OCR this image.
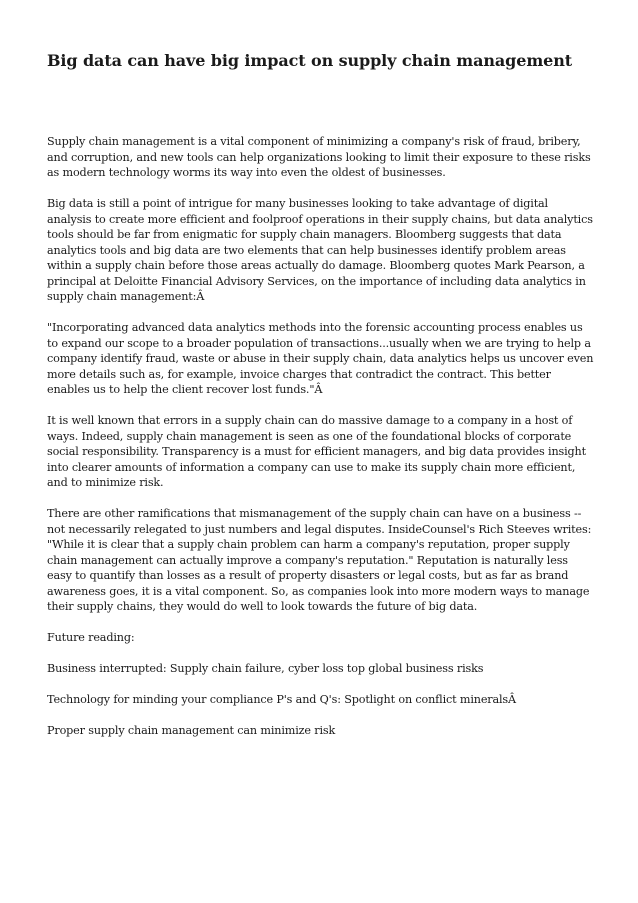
Big data can have big impact on supply chain management

Supply chain management is a vital component of minimizing a company's risk of fraud, bribery, and corruption, and new tools can help organizations looking to limit their exposure to these risks as modern technology worms its way into even the oldest of businesses.

Big data is still a point of intrigue for many businesses looking to take advantage of digital analysis to create more efficient and foolproof operations in their supply chains, but data analytics tools should be far from enigmatic for supply chain managers. Bloomberg suggests that data analytics tools and big data are two elements that can help businesses identify problem areas within a supply chain before those areas actually do damage. Bloomberg quotes Mark Pearson, a principal at Deloitte Financial Advisory Services, on the importance of including data analytics in supply chain management:Â

"Incorporating advanced data analytics methods into the forensic accounting process enables us to expand our scope to a broader population of transactions...usually when we are trying to help a company identify fraud, waste or abuse in their supply chain, data analytics helps us uncover even more details such as, for example, invoice charges that contradict the contract. This better enables us to help the client recover lost funds."Â

It is well known that errors in a supply chain can do massive damage to a company in a host of ways. Indeed, supply chain management is seen as one of the foundational blocks of corporate social responsibility. Transparency is a must for efficient managers, and big data provides insight into clearer amounts of information a company can use to make its supply chain more efficient, and to minimize risk.

There are other ramifications that mismanagement of the supply chain can have on a business -- not necessarily relegated to just numbers and legal disputes. InsideCounsel's Rich Steeves writes: "While it is clear that a supply chain problem can harm a company's reputation, proper supply chain management can actually improve a company's reputation." Reputation is naturally less easy to quantify than losses as a result of property disasters or legal costs, but as far as brand awareness goes, it is a vital component. So, as companies look into more modern ways to manage their supply chains, they would do well to look towards the future of big data.

Future reading:

Business interrupted: Supply chain failure, cyber loss top global business risks

Technology for minding your compliance P's and Q's: Spotlight on conflict mineralsÂ

Proper supply chain management can minimize risk
